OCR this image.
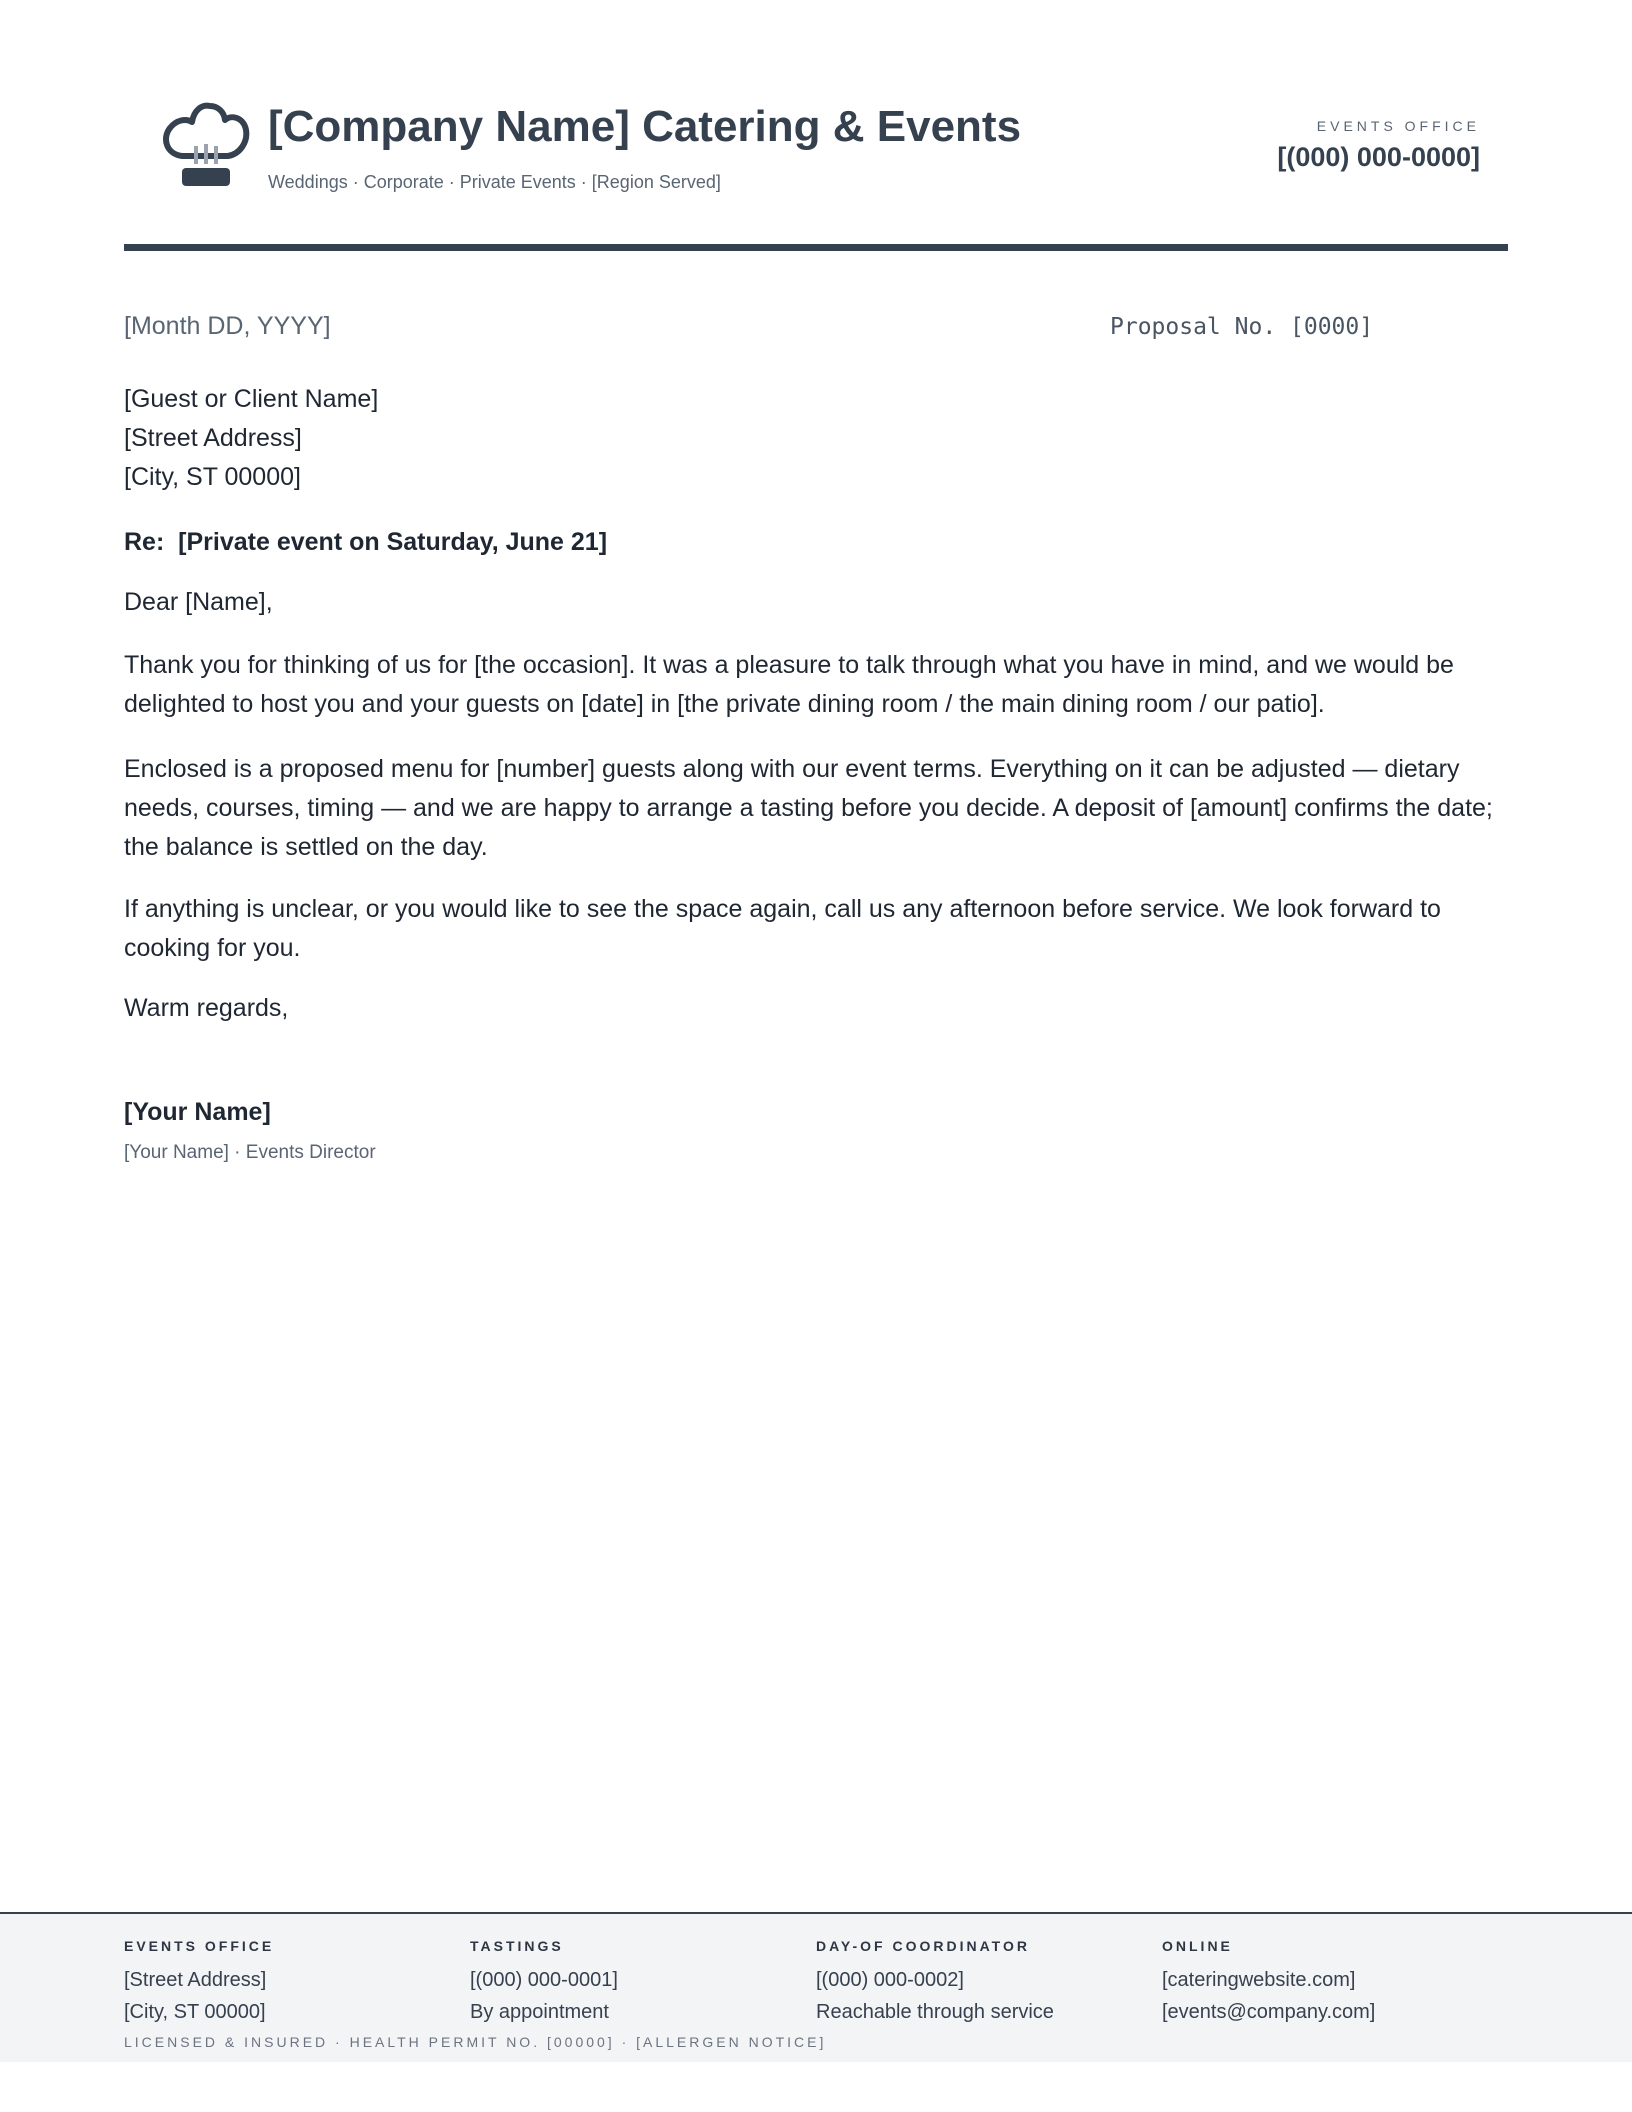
[Company Name] Catering & Events
Weddings · Corporate · Private Events · [Region Served]
EVENTS OFFICE
[(000) 000-0000]
[Month DD, YYYY]	Proposal No. [0000]
[Guest or Client Name]
[Street Address]
[City, ST 00000]
Re:  [Private event on Saturday, June 21]
Dear [Name],

Thank you for thinking of us for [the occasion]. It was a pleasure to talk through what you have in mind, and we would be delighted to host you and your guests on [date] in [the private dining room / the main dining room / our patio].

Enclosed is a proposed menu for [number] guests along with our event terms. Everything on it can be adjusted — dietary needs, courses, timing — and we are happy to arrange a tasting before you decide. A deposit of [amount] confirms the date; the balance is settled on the day.

If anything is unclear, or you would like to see the space again, call us any afternoon before service. We look forward to cooking for you.

Warm regards,
[Your Name]
[Your Name] · Events Director
EVENTS OFFICE
[Street Address]
[City, ST 00000]
TASTINGS
[(000) 000-0001]
By appointment
DAY-OF COORDINATOR
[(000) 000-0002]
Reachable through service
ONLINE
[cateringwebsite.com]
[events@company.com]
LICENSED & INSURED · HEALTH PERMIT NO. [00000] · [ALLERGEN NOTICE]
